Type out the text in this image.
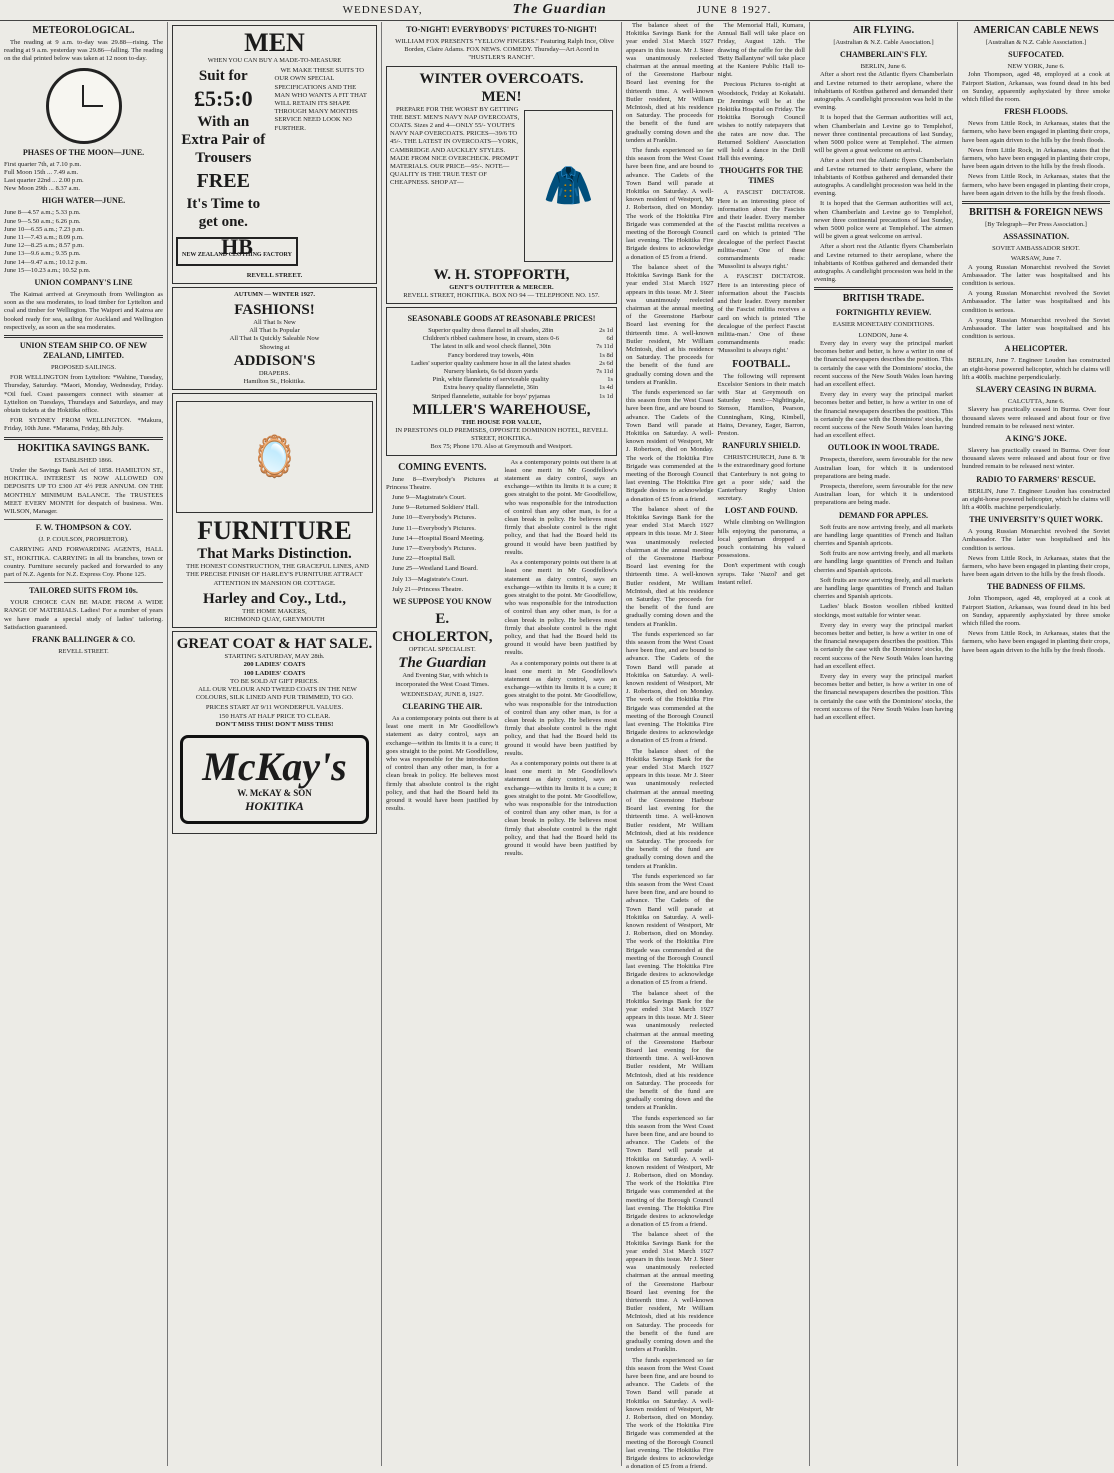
WEDNESDAY,	The Guardian	JUNE 8 1927.
METEOROLOGICAL.

The reading at 9 a.m. to-day was 29.88—rising. The reading at 9 a.m. yesterday was 29.86—falling. The reading on the dial printed below was taken at 12 noon to-day.

PHASES OF THE MOON—JUNE.
First quarter 7th, at 7.10 p.m.
Full Moon 15th ... 7.49 a.m.
Last quarter 22nd ... 2.00 p.m.
New Moon 29th ... 8.37 a.m.
HIGH WATER—JUNE.
June 8—4.57 a.m.; 5.33 p.m.
June 9—5.50 a.m.; 6.26 p.m.
June 10—6.55 a.m.; 7.23 p.m.
June 11—7.43 a.m.; 8.09 p.m.
June 12—8.25 a.m.; 8.57 p.m.
June 13—9.6 a.m.; 9.35 p.m.
June 14—9.47 a.m.; 10.12 p.m.
June 15—10.23 a.m.; 10.52 p.m.
UNION COMPANY'S LINE

The Kaimai arrived at Greymouth from Wellington as soon as the sea moderates, to load timber for Lyttelton and coal and timber for Wellington. The Waipori and Kairoa are booked ready for sea, sailing for Auckland and Wellington respectively, as soon as the sea moderates.

UNION STEAM SHIP CO. OF NEW ZEALAND, LIMITED.
PROPOSED SAILINGS.

FOR WELLINGTON from Lyttelton: *Wahine, Tuesday, Thursday, Saturday. *Maori, Monday, Wednesday, Friday. *Oil fuel. Coast passengers connect with steamer at Lyttelton on Tuesdays, Thursdays and Saturdays, and may obtain tickets at the Hokitika office.

FOR SYDNEY FROM WELLINGTON. *Makura, Friday, 10th June. *Marama, Friday, 8th July.

HOKITIKA SAVINGS BANK.
ESTABLISHED 1866.

Under the Savings Bank Act of 1858. HAMILTON ST., HOKITIKA. INTEREST IS NOW ALLOWED ON DEPOSITS UP TO £300 AT 4½ PER ANNUM. ON THE MONTHLY MINIMUM BALANCE. The TRUSTEES MEET EVERY MONTH for despatch of business. Wm. WILSON, Manager.

F. W. THOMPSON & COY.
(J. P. COULSON, PROPRIETOR).

CARRYING AND FORWARDING AGENTS, HALL ST., HOKITIKA. CARRYING in all its branches, town or country. Furniture securely packed and forwarded to any part of N.Z. Agents for N.Z. Express Coy. Phone 125.

TAILORED SUITS FROM 10s.

YOUR CHOICE CAN BE MADE FROM A WIDE RANGE OF MATERIALS. Ladies! For a number of years we have made a special study of ladies' tailoring. Satisfaction guaranteed.

FRANK BALLINGER & CO.
REVELL STREET.
MEN
WHEN YOU CAN BUY A MADE-TO-MEASURE
Suit for
£5:5:0
With an
Extra Pair of Trousers
FREE
It's Time to get one.
HB
NEW ZEALAND CLOTHING FACTORY

WE MAKE THESE SUITS TO OUR OWN SPECIAL SPECIFICATIONS AND THE MAN WHO WANTS A FIT THAT WILL RETAIN ITS SHAPE THROUGH MANY MONTHS SERVICE NEED LOOK NO FURTHER.

REVELL STREET.
AUTUMN — WINTER 1927.
FASHIONS!
All That Is New
All That Is Popular
All That Is Quickly Saleable Now
Showing at
ADDISON'S
DRAPERS.
Hamilton St., Hokitika.
🪞
FURNITURE
That Marks Distinction.

THE HONEST CONSTRUCTION, THE GRACEFUL LINES, AND THE PRECISE FINISH OF HARLEY'S FURNITURE ATTRACT ATTENTION IN MANSION OR COTTAGE.

Harley and Coy., Ltd.,
THE HOME MAKERS,
RICHMOND QUAY, GREYMOUTH
GREAT COAT & HAT SALE.
STARTING SATURDAY, MAY 28th.
200 LADIES' COATS
100 LADIES' COATS
TO BE SOLD AT GIFT PRICES.

ALL OUR VELOUR AND TWEED COATS IN THE NEW COLOURS, SILK LINED AND FUR TRIMMED, TO GO.

PRICES START AT 9/11 WONDERFUL VALUES.
150 HATS AT HALF PRICE TO CLEAR.
DON'T MISS THIS! DON'T MISS THIS!
McKay's
W. McKAY & SON
HOKITIKA
TO-NIGHT! EVERYBODYS' PICTURES TO-NIGHT!

WILLIAM FOX PRESENTS "YELLOW FINGERS." Featuring Ralph Ince, Olive Borden, Claire Adams. FOX NEWS. COMEDY. Thursday—Art Acord in "HUSTLER'S RANCH".

WINTER OVERCOATS.
MEN!

PREPARE FOR THE WORST BY GETTING THE BEST. MEN'S NAVY NAP OVERCOATS, COATS. Sizes 2 and 4—ONLY 55/- YOUTH'S NAVY NAP OVERCOATS. PRICES—39/6 TO 45/-. THE LATEST IN OVERCOATS—YORK, CAMBRIDGE AND AUCKLEY STYLES. MADE FROM NICE OVERCHECK. PROMPT MATERIALS. OUR PRICE—95/-. NOTE—QUALITY IS THE TRUE TEST OF CHEAPNESS. SHOP AT—	🧥
W. H. STOPFORTH,
GENT'S OUTFITTER & MERCER.
REVELL STREET, HOKITIKA. BOX NO 94 — TELEPHONE NO. 157.
SEASONABLE GOODS AT REASONABLE PRICES!
Superior quality dress flannel in all shades, 28in	2s 1d
Children's ribbed cashmere hose, in cream, sizes 0-6	6d
The latest in silk and wool check flannel, 30in	7s 11d
Fancy bordered tray towels, 40in	1s 8d
Ladies' superior quality cashmere hose in all the latest shades	2s 6d
Nursery blankets, 6s 6d dozen yards	7s 11d
Pink, white flannelette of serviceable quality	1s
Extra heavy quality flannelette, 36in	1s 4d
Striped flannelette, suitable for boys' pyjamas	1s 1d
MILLER'S WAREHOUSE,
THE HOUSE FOR VALUE,
IN PRESTON'S OLD PREMISES, OPPOSITE DOMINION HOTEL, REVELL STREET, HOKITIKA.
Box 75; Phone 170. Also at Greymouth and Westport.
COMING EVENTS.

June 8—Everybody's Pictures at Princess Theatre.

June 9—Magistrate's Court.

June 9—Returned Soldiers' Hall.

June 10—Everybody's Pictures.

June 11—Everybody's Pictures.

June 14—Hospital Board Meeting.

June 17—Everybody's Pictures.

June 22—Hospital Ball.

June 25—Westland Land Board.

July 13—Magistrate's Court.

July 21—Princess Theatre.

WE SUPPOSE YOU KNOW
E. CHOLERTON,
OPTICAL SPECIALIST.
The Guardian

And Evening Star, with which is incorporated the West Coast Times.

WEDNESDAY, JUNE 8, 1927.
CLEARING THE AIR.

As a contemporary points out there is at least one merit in Mr Goodfellow's statement as dairy control, says an exchange—within its limits it is a cure; it goes straight to the point. Mr Goodfellow, who was responsible for the introduction of control than any other man, is for a clean break in policy. He believes most firmly that absolute control is the right policy, and that had the Board held its ground it would have been justified by results.

As a contemporary points out there is at least one merit in Mr Goodfellow's statement as dairy control, says an exchange—within its limits it is a cure; it goes straight to the point. Mr Goodfellow, who was responsible for the introduction of control than any other man, is for a clean break in policy. He believes most firmly that absolute control is the right policy, and that had the Board held its ground it would have been justified by results.

As a contemporary points out there is at least one merit in Mr Goodfellow's statement as dairy control, says an exchange—within its limits it is a cure; it goes straight to the point. Mr Goodfellow, who was responsible for the introduction of control than any other man, is for a clean break in policy. He believes most firmly that absolute control is the right policy, and that had the Board held its ground it would have been justified by results.

As a contemporary points out there is at least one merit in Mr Goodfellow's statement as dairy control, says an exchange—within its limits it is a cure; it goes straight to the point. Mr Goodfellow, who was responsible for the introduction of control than any other man, is for a clean break in policy. He believes most firmly that absolute control is the right policy, and that had the Board held its ground it would have been justified by results.

As a contemporary points out there is at least one merit in Mr Goodfellow's statement as dairy control, says an exchange—within its limits it is a cure; it goes straight to the point. Mr Goodfellow, who was responsible for the introduction of control than any other man, is for a clean break in policy. He believes most firmly that absolute control is the right policy, and that had the Board held its ground it would have been justified by results.

The balance sheet of the Hokitika Savings Bank for the year ended 31st March 1927 appears in this issue. Mr J. Steer was unanimously reelected chairman at the annual meeting of the Greenstone Harbour Board last evening for the thirteenth time. A well-known Butler resident, Mr William McIntosh, died at his residence on Saturday. The proceeds for the benefit of the fund are gradually coming down and the tenders at Franklin.

The funds experienced so far this season from the West Coast have been fine, and are bound to advance. The Cadets of the Town Band will parade at Hokitika on Saturday. A well-known resident of Westport, Mr J. Robertson, died on Monday. The work of the Hokitika Fire Brigade was commended at the meeting of the Borough Council last evening. The Hokitika Fire Brigade desires to acknowledge a donation of £5 from a friend.

The balance sheet of the Hokitika Savings Bank for the year ended 31st March 1927 appears in this issue. Mr J. Steer was unanimously reelected chairman at the annual meeting of the Greenstone Harbour Board last evening for the thirteenth time. A well-known Butler resident, Mr William McIntosh, died at his residence on Saturday. The proceeds for the benefit of the fund are gradually coming down and the tenders at Franklin.

The funds experienced so far this season from the West Coast have been fine, and are bound to advance. The Cadets of the Town Band will parade at Hokitika on Saturday. A well-known resident of Westport, Mr J. Robertson, died on Monday. The work of the Hokitika Fire Brigade was commended at the meeting of the Borough Council last evening. The Hokitika Fire Brigade desires to acknowledge a donation of £5 from a friend.

The balance sheet of the Hokitika Savings Bank for the year ended 31st March 1927 appears in this issue. Mr J. Steer was unanimously reelected chairman at the annual meeting of the Greenstone Harbour Board last evening for the thirteenth time. A well-known Butler resident, Mr William McIntosh, died at his residence on Saturday. The proceeds for the benefit of the fund are gradually coming down and the tenders at Franklin.

The funds experienced so far this season from the West Coast have been fine, and are bound to advance. The Cadets of the Town Band will parade at Hokitika on Saturday. A well-known resident of Westport, Mr J. Robertson, died on Monday. The work of the Hokitika Fire Brigade was commended at the meeting of the Borough Council last evening. The Hokitika Fire Brigade desires to acknowledge a donation of £5 from a friend.

The balance sheet of the Hokitika Savings Bank for the year ended 31st March 1927 appears in this issue. Mr J. Steer was unanimously reelected chairman at the annual meeting of the Greenstone Harbour Board last evening for the thirteenth time. A well-known Butler resident, Mr William McIntosh, died at his residence on Saturday. The proceeds for the benefit of the fund are gradually coming down and the tenders at Franklin.

The funds experienced so far this season from the West Coast have been fine, and are bound to advance. The Cadets of the Town Band will parade at Hokitika on Saturday. A well-known resident of Westport, Mr J. Robertson, died on Monday. The work of the Hokitika Fire Brigade was commended at the meeting of the Borough Council last evening. The Hokitika Fire Brigade desires to acknowledge a donation of £5 from a friend.

The balance sheet of the Hokitika Savings Bank for the year ended 31st March 1927 appears in this issue. Mr J. Steer was unanimously reelected chairman at the annual meeting of the Greenstone Harbour Board last evening for the thirteenth time. A well-known Butler resident, Mr William McIntosh, died at his residence on Saturday. The proceeds for the benefit of the fund are gradually coming down and the tenders at Franklin.

The funds experienced so far this season from the West Coast have been fine, and are bound to advance. The Cadets of the Town Band will parade at Hokitika on Saturday. A well-known resident of Westport, Mr J. Robertson, died on Monday. The work of the Hokitika Fire Brigade was commended at the meeting of the Borough Council last evening. The Hokitika Fire Brigade desires to acknowledge a donation of £5 from a friend.

The balance sheet of the Hokitika Savings Bank for the year ended 31st March 1927 appears in this issue. Mr J. Steer was unanimously reelected chairman at the annual meeting of the Greenstone Harbour Board last evening for the thirteenth time. A well-known Butler resident, Mr William McIntosh, died at his residence on Saturday. The proceeds for the benefit of the fund are gradually coming down and the tenders at Franklin.

The funds experienced so far this season from the West Coast have been fine, and are bound to advance. The Cadets of the Town Band will parade at Hokitika on Saturday. A well-known resident of Westport, Mr J. Robertson, died on Monday. The work of the Hokitika Fire Brigade was commended at the meeting of the Borough Council last evening. The Hokitika Fire Brigade desires to acknowledge a donation of £5 from a friend.

The Memorial Hall, Kumara, Annual Ball will take place on Friday, August 12th. The drawing of the raffle for the doll 'Betty Ballantyne' will take place at the Kaniere Public Hall to-night.

Precious Pictures to-night at Woodstock, Friday at Kokatahi. Dr Jennings will be at the Hokitika Hospital on Friday. The Hokitika Borough Council wishes to notify ratepayers that the rates are now due. The Returned Soldiers' Association will hold a dance in the Drill Hall this evening.

THOUGHTS FOR THE TIMES

A FASCIST DICTATOR. Here is an interesting piece of information about the Fascists and their leader. Every member of the Fascist militia receives a card on which is printed 'The decalogue of the perfect Fascist militia-man.' One of these commandments reads: 'Mussolini is always right.'

A FASCIST DICTATOR. Here is an interesting piece of information about the Fascists and their leader. Every member of the Fascist militia receives a card on which is printed 'The decalogue of the perfect Fascist militia-man.' One of these commandments reads: 'Mussolini is always right.'

FOOTBALL.

The following will represent Excelsior Seniors in their match with Star at Greymouth on Saturday next:—Nightingale, Stenson, Hamilton, Pearson, Cunningham, King, Kimbell, Hains, Devaney, Eager, Barron, Preston.

RANFURLY SHIELD.

CHRISTCHURCH, June 8. 'It is the extraordinary good fortune that Canterbury is not going to get a poor side,' said the Canterbury Rugby Union secretary.

LOST AND FOUND.

While climbing on Wellington hills enjoying the panorama, a local gentleman dropped a pouch containing his valued possessions.

Don't experiment with cough syrups. Take 'Nazol' and get instant relief.

AIR FLYING.
[Australian & N.Z. Cable Association.]
CHAMBERLAIN'S FLY.
BERLIN, June 6.

After a short rest the Atlantic flyers Chamberlain and Levine returned to their aeroplane, where the inhabitants of Kottbus gathered and demanded their autographs. A candlelight procession was held in the evening.

It is hoped that the German authorities will act, when Chamberlain and Levine go to Templehof, newer three continental precautions of last Sunday, when 5000 police were at Templehof. The airmen will be given a great welcome on arrival.

After a short rest the Atlantic flyers Chamberlain and Levine returned to their aeroplane, where the inhabitants of Kottbus gathered and demanded their autographs. A candlelight procession was held in the evening.

It is hoped that the German authorities will act, when Chamberlain and Levine go to Templehof, newer three continental precautions of last Sunday, when 5000 police were at Templehof. The airmen will be given a great welcome on arrival.

After a short rest the Atlantic flyers Chamberlain and Levine returned to their aeroplane, where the inhabitants of Kottbus gathered and demanded their autographs. A candlelight procession was held in the evening.

BRITISH TRADE.
FORTNIGHTLY REVIEW.
EASIER MONETARY CONDITIONS.
LONDON, June 4.

Every day in every way the principal market becomes better and better, is how a writer in one of the financial newspapers describes the position. This is certainly the case with the Dominions' stocks, the recent success of the New South Wales loan having had an excellent effect.

Every day in every way the principal market becomes better and better, is how a writer in one of the financial newspapers describes the position. This is certainly the case with the Dominions' stocks, the recent success of the New South Wales loan having had an excellent effect.

OUTLOOK IN WOOL TRADE.

Prospects, therefore, seem favourable for the new Australian loan, for which it is understood preparations are being made.

Prospects, therefore, seem favourable for the new Australian loan, for which it is understood preparations are being made.

DEMAND FOR APPLES.

Soft fruits are now arriving freely, and all markets are handling large quantities of French and Italian cherries and Spanish apricots.

Soft fruits are now arriving freely, and all markets are handling large quantities of French and Italian cherries and Spanish apricots.

Soft fruits are now arriving freely, and all markets are handling large quantities of French and Italian cherries and Spanish apricots.

Ladies' black Boston woollen ribbed knitted stockings, most suitable for winter wear.

Every day in every way the principal market becomes better and better, is how a writer in one of the financial newspapers describes the position. This is certainly the case with the Dominions' stocks, the recent success of the New South Wales loan having had an excellent effect.

Every day in every way the principal market becomes better and better, is how a writer in one of the financial newspapers describes the position. This is certainly the case with the Dominions' stocks, the recent success of the New South Wales loan having had an excellent effect.

AMERICAN CABLE NEWS
[Australian & N.Z. Cable Association.]
SUFFOCATED.
NEW YORK, June 6.

John Thompson, aged 48, employed at a cook at Fairport Station, Arkansas, was found dead in his bed on Sunday, apparently asphyxiated by three smoke which filled the room.

FRESH FLOODS.

News from Little Rock, in Arkansas, states that the farmers, who have been engaged in planting their crops, have been again driven to the hills by the fresh floods.

News from Little Rock, in Arkansas, states that the farmers, who have been engaged in planting their crops, have been again driven to the hills by the fresh floods.

News from Little Rock, in Arkansas, states that the farmers, who have been engaged in planting their crops, have been again driven to the hills by the fresh floods.

BRITISH & FOREIGN NEWS
[By Telegraph—Per Press Association.]
ASSASSINATION.
SOVIET AMBASSADOR SHOT.
WARSAW, June 7.

A young Russian Monarchist revolved the Soviet Ambassador. The latter was hospitalised and his condition is serious.

A young Russian Monarchist revolved the Soviet Ambassador. The latter was hospitalised and his condition is serious.

A young Russian Monarchist revolved the Soviet Ambassador. The latter was hospitalised and his condition is serious.

A HELICOPTER.

BERLIN, June 7. Engineer Loudon has constructed an eight-horse powered helicopter, which he claims will lift a 400lb. machine perpendicularly.

SLAVERY CEASING IN BURMA.
CALCUTTA, June 6.

Slavery has practically ceased in Burma. Over four thousand slaves were released and about four or five hundred remain to be released next winter.

A KING'S JOKE.

Slavery has practically ceased in Burma. Over four thousand slaves were released and about four or five hundred remain to be released next winter.

RADIO TO FARMERS' RESCUE.

BERLIN, June 7. Engineer Loudon has constructed an eight-horse powered helicopter, which he claims will lift a 400lb. machine perpendicularly.

THE UNIVERSITY'S QUIET WORK.

A young Russian Monarchist revolved the Soviet Ambassador. The latter was hospitalised and his condition is serious.

News from Little Rock, in Arkansas, states that the farmers, who have been engaged in planting their crops, have been again driven to the hills by the fresh floods.

THE BADNESS OF FILMS.

John Thompson, aged 48, employed at a cook at Fairport Station, Arkansas, was found dead in his bed on Sunday, apparently asphyxiated by three smoke which filled the room.

News from Little Rock, in Arkansas, states that the farmers, who have been engaged in planting their crops, have been again driven to the hills by the fresh floods.
